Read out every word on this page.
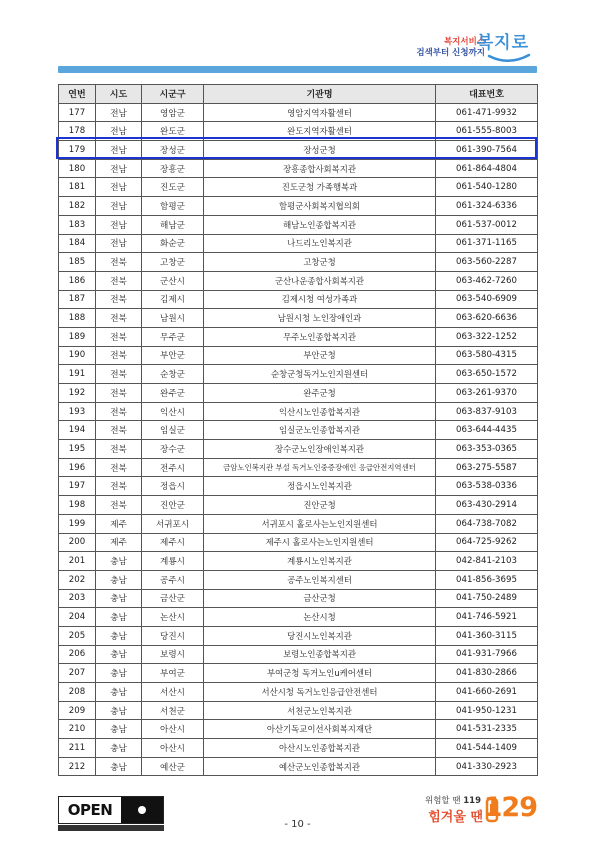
복지서비스
검색부터 신청까지
복지로
연번	시도	시군구	기관명	대표번호
177	전남	영암군	영암지역자활센터	061-471-9932
178	전남	완도군	완도지역자활센터	061-555-8003
179	전남	장성군	장성군청	061-390-7564
180	전남	장흥군	장흥종합사회복지관	061-864-4804
181	전남	진도군	진도군청 가족행복과	061-540-1280
182	전남	함평군	함평군사회복지협의회	061-324-6336
183	전남	해남군	해남노인종합복지관	061-537-0012
184	전남	화순군	나드리노인복지관	061-371-1165
185	전북	고창군	고창군청	063-560-2287
186	전북	군산시	군산나운종합사회복지관	063-462-7260
187	전북	김제시	김제시청 여성가족과	063-540-6909
188	전북	남원시	남원시청 노인장애인과	063-620-6636
189	전북	무주군	무주노인종합복지관	063-322-1252
190	전북	부안군	부안군청	063-580-4315
191	전북	순창군	순창군청독거노인지원센터	063-650-1572
192	전북	완주군	완주군청	063-261-9370
193	전북	익산시	익산시노인종합복지관	063-837-9103
194	전북	임실군	임실군노인종합복지관	063-644-4435
195	전북	장수군	장수군노인장애인복지관	063-353-0365
196	전북	전주시	금암노인복지관 부설 독거노인중증장애인 응급안전지역센터	063-275-5587
197	전북	정읍시	정읍시노인복지관	063-538-0336
198	전북	진안군	진안군청	063-430-2914
199	제주	서귀포시	서귀포시 홀로사는노인지원센터	064-738-7082
200	제주	제주시	제주시 홀로사는노인지원센터	064-725-9262
201	충남	계룡시	계룡시노인복지관	042-841-2103
202	충남	공주시	공주노인복지센터	041-856-3695
203	충남	금산군	금산군청	041-750-2489
204	충남	논산시	논산시청	041-746-5921
205	충남	당진시	당진시노인복지관	041-360-3115
206	충남	보령시	보령노인종합복지관	041-931-7966
207	충남	부여군	부여군청 독거노인u케어센터	041-830-2866
208	충남	서산시	서산시청 독거노인응급안전센터	041-660-2691
209	충남	서천군	서천군노인복지관	041-950-1231
210	충남	아산시	아산기독교이선사회복지재단	041-531-2335
211	충남	아산시	아산시노인종합복지관	041-544-1409
212	충남	예산군	예산군노인종합복지관	041-330-2923
OPEN
- 10 -
위험할 땐 119
힘겨울 땐 129
